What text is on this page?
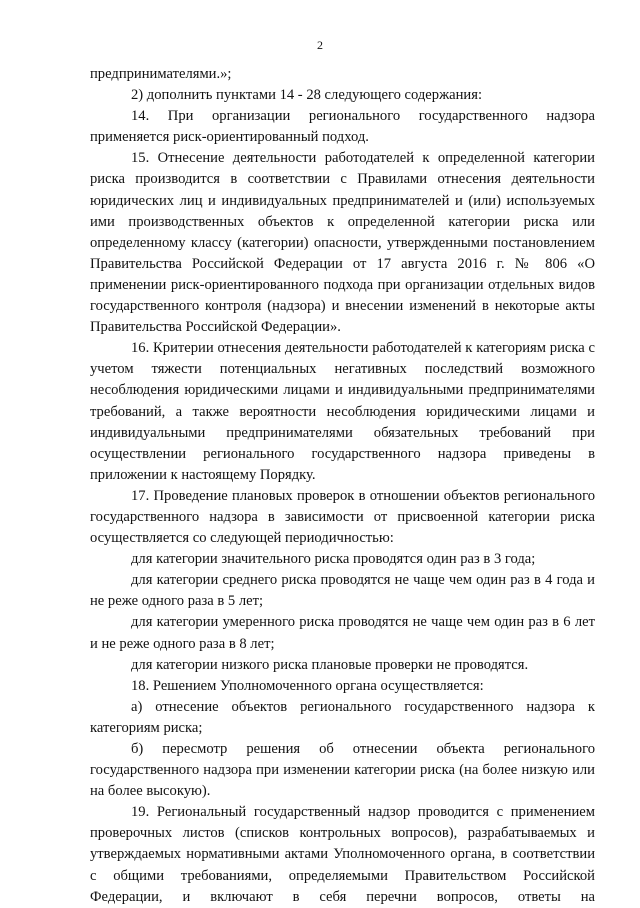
2

предпринимателями.»;

2) дополнить пунктами 14 - 28 следующего содержания:

14. При организации регионального государственного надзора применяется риск-ориентированный подход.

15. Отнесение деятельности работодателей к определенной категории риска производится в соответствии с Правилами отнесения деятельности юридических лиц и индивидуальных предпринимателей и (или) используемых ими производственных объектов к определенной категории риска или определенному классу (категории) опасности, утвержденными постановлением Правительства Российской Федерации от 17 августа 2016 г. № 806 «О применении риск-ориентированного подхода при организации отдельных видов государственного контроля (надзора) и внесении изменений в некоторые акты Правительства Российской Федерации».

16. Критерии отнесения деятельности работодателей к категориям риска с учетом тяжести потенциальных негативных последствий возможного несоблюдения юридическими лицами и индивидуальными предпринимателями требований, а также вероятности несоблюдения юридическими лицами и индивидуальными предпринимателями обязательных требований при осуществлении регионального государственного надзора приведены в приложении к настоящему Порядку.

17. Проведение плановых проверок в отношении объектов регионального государственного надзора в зависимости от присвоенной категории риска осуществляется со следующей периодичностью:

для категории значительного риска проводятся один раз в 3 года;

для категории среднего риска проводятся не чаще чем один раз в 4 года и не реже одного раза в 5 лет;

для категории умеренного риска проводятся не чаще чем один раз в 6 лет и не реже одного раза в 8 лет;

для категории низкого риска плановые проверки не проводятся.

18. Решением Уполномоченного органа осуществляется:

а) отнесение объектов регионального государственного надзора к категориям риска;

б) пересмотр решения об отнесении объекта регионального государственного надзора при изменении категории риска (на более низкую или на более высокую).

19. Региональный государственный надзор проводится с применением проверочных листов (списков контрольных вопросов), разрабатываемых и утверждаемых нормативными актами Уполномоченного органа, в соответствии с общими требованиями, определяемыми Правительством Российской Федерации, и включают в себя перечни вопросов, ответы на
